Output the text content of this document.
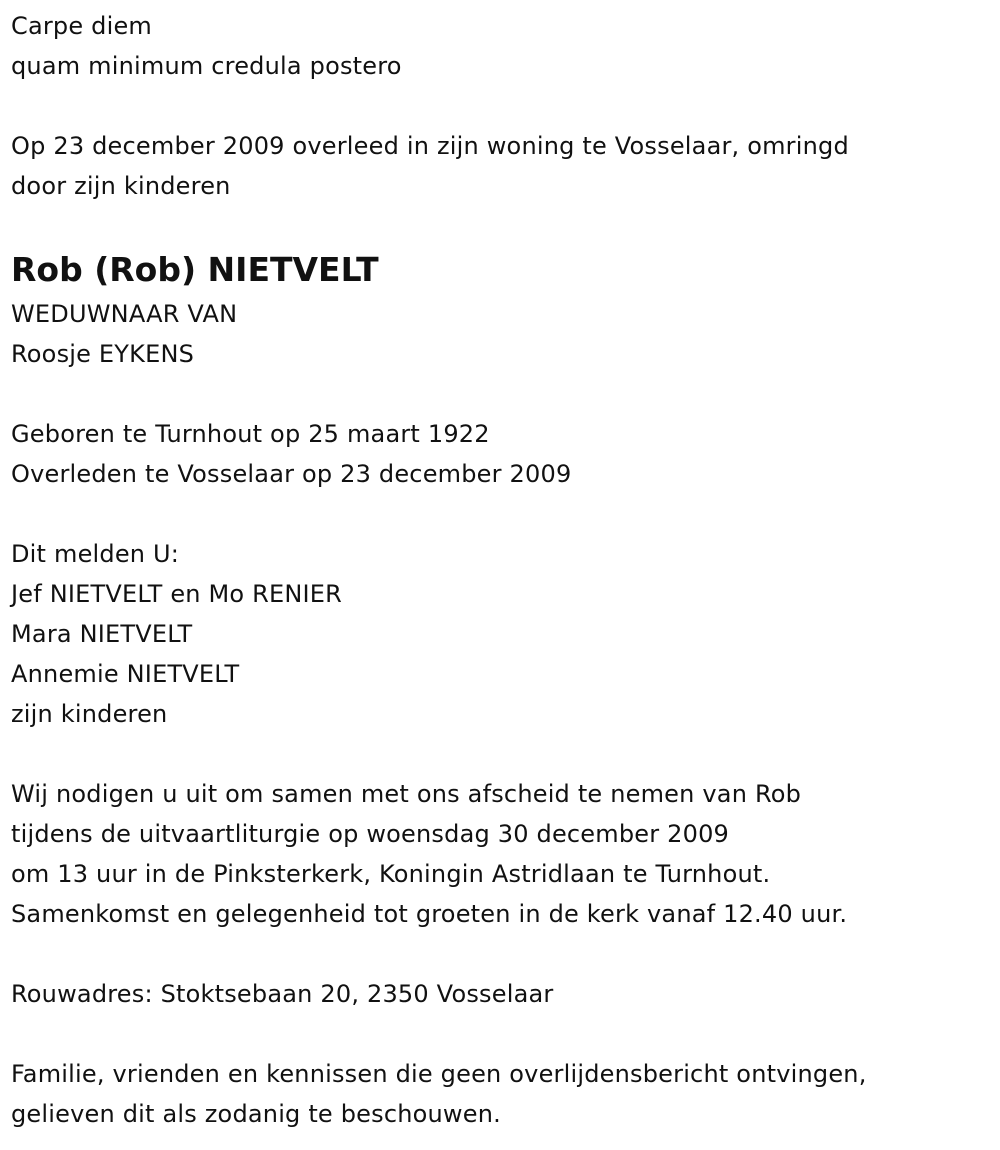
Carpe diem
quam minimum credula postero
Op 23 december 2009 overleed in zijn woning te Vosselaar, omringd
door zijn kinderen
Rob (Rob) NIETVELT
WEDUWNAAR VAN
Roosje EYKENS
Geboren te Turnhout op 25 maart 1922
Overleden te Vosselaar op 23 december 2009
Dit melden U:
Jef NIETVELT en Mo RENIER
Mara NIETVELT
Annemie NIETVELT
zijn kinderen
Wij nodigen u uit om samen met ons afscheid te nemen van Rob
tijdens de uitvaartliturgie op woensdag 30 december 2009
om 13 uur in de Pinksterkerk, Koningin Astridlaan te Turnhout.
Samenkomst en gelegenheid tot groeten in de kerk vanaf 12.40 uur.
Rouwadres: Stoktsebaan 20, 2350 Vosselaar
Familie, vrienden en kennissen die geen overlijdensbericht ontvingen,
gelieven dit als zodanig te beschouwen.
